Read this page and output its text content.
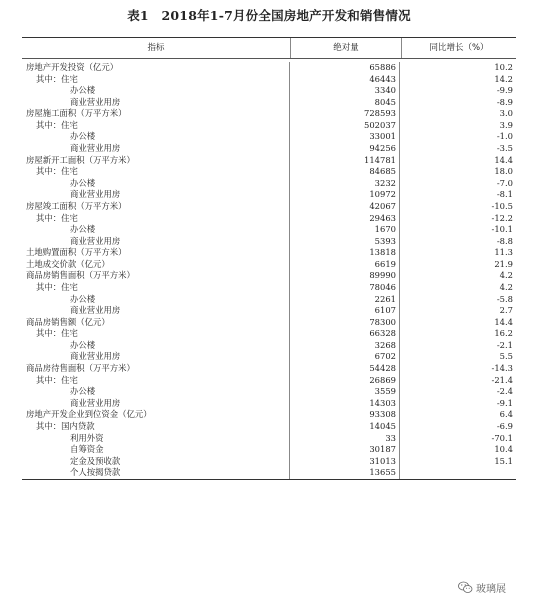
表1　2018年1-7月份全国房地产开发和销售情况
指标	绝对量	同比增长（%）
房地产开发投资（亿元）	65886	10.2
其中：住宅	46443	14.2
办公楼	3340	-9.9
商业营业用房	8045	-8.9
房屋施工面积（万平方米）	728593	3.0
其中：住宅	502037	3.9
办公楼	33001	-1.0
商业营业用房	94256	-3.5
房屋新开工面积（万平方米）	114781	14.4
其中：住宅	84685	18.0
办公楼	3232	-7.0
商业营业用房	10972	-8.1
房屋竣工面积（万平方米）	42067	-10.5
其中：住宅	29463	-12.2
办公楼	1670	-10.1
商业营业用房	5393	-8.8
土地购置面积（万平方米）	13818	11.3
土地成交价款（亿元）	6619	21.9
商品房销售面积（万平方米）	89990	4.2
其中：住宅	78046	4.2
办公楼	2261	-5.8
商业营业用房	6107	2.7
商品房销售额（亿元）	78300	14.4
其中：住宅	66328	16.2
办公楼	3268	-2.1
商业营业用房	6702	5.5
商品房待售面积（万平方米）	54428	-14.3
其中：住宅	26869	-21.4
办公楼	3559	-2.4
商业营业用房	14303	-9.1
房地产开发企业到位资金（亿元）	93308	6.4
其中：国内贷款	14045	-6.9
利用外资	33	-70.1
自筹资金	30187	10.4
定金及预收款	31013	15.1
个人按揭贷款	13655
玻璃展
